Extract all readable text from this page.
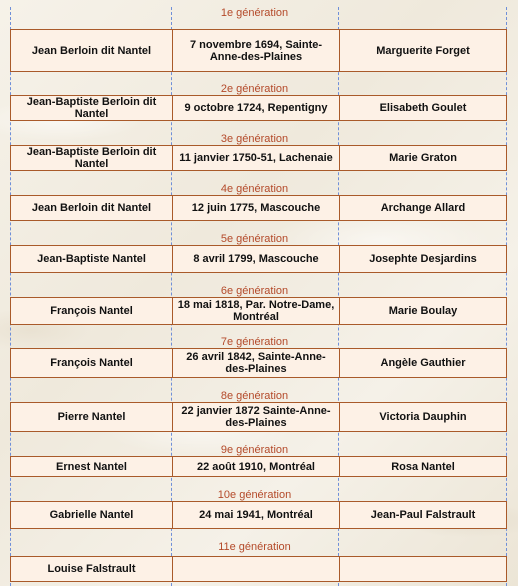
1e génération
Jean Berloin dit Nantel	7 novembre 1694, Sainte-Anne-des-Plaines	Marguerite Forget
2e génération
Jean-Baptiste Berloin dit Nantel	9 octobre 1724, Repentigny	Elisabeth Goulet
3e génération
Jean-Baptiste Berloin dit Nantel	11 janvier 1750-51, Lachenaie	Marie Graton
4e génération
Jean Berloin dit Nantel	12 juin 1775, Mascouche	Archange Allard
5e génération
Jean-Baptiste Nantel	8 avril 1799, Mascouche	Josephte Desjardins
6e génération
François Nantel	18 mai 1818, Par. Notre-Dame, Montréal	Marie Boulay
7e génération
François Nantel	26 avril 1842, Sainte-Anne-des-Plaines	Angèle Gauthier
8e génération
Pierre Nantel	22 janvier 1872 Sainte-Anne-des-Plaines	Victoria Dauphin
9e génération
Ernest Nantel	22 août 1910, Montréal	Rosa Nantel
10e génération
Gabrielle Nantel	24 mai 1941, Montréal	Jean-Paul Falstrault
11e génération
Louise Falstrault
